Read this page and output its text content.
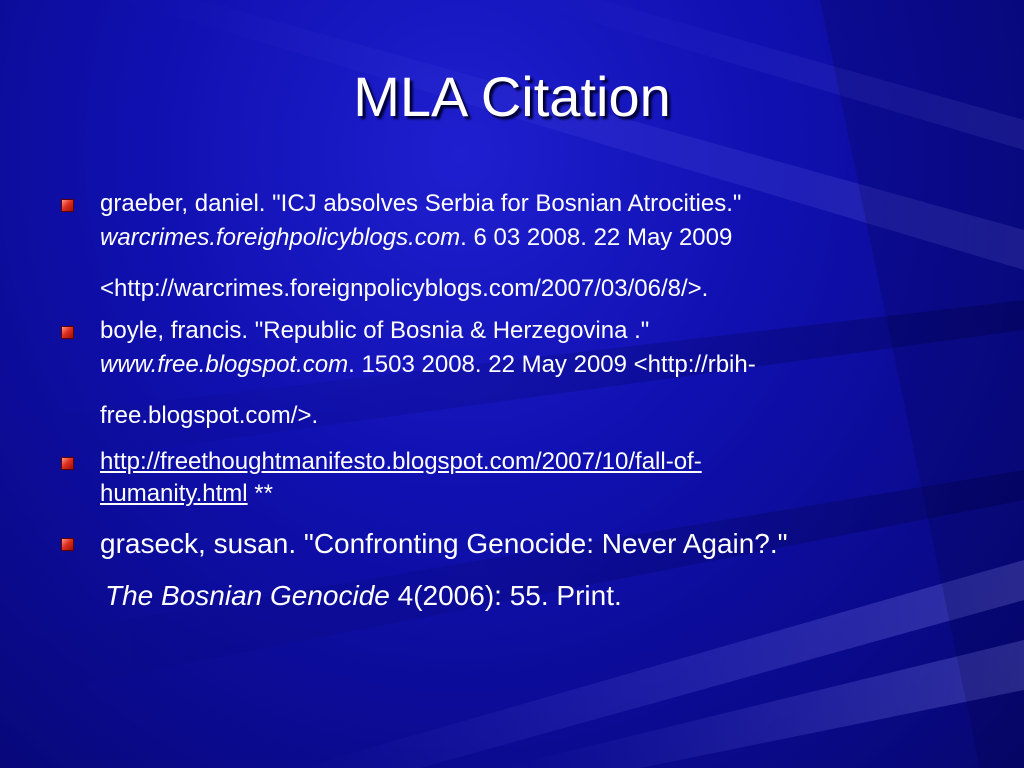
MLA Citation
graeber, daniel. "ICJ absolves Serbia for Bosnian Atrocities."
warcrimes.foreighpolicyblogs.com. 6 03 2008. 22 May 2009
<http://warcrimes.foreignpolicyblogs.com/2007/03/06/8/>.
boyle, francis. "Republic of Bosnia & Herzegovina ."
www.free.blogspot.com. 1503 2008. 22 May 2009 <http://rbih-
free.blogspot.com/>.
http://freethoughtmanifesto.blogspot.com/2007/10/fall-of-
humanity.html **
graseck, susan. "Confronting Genocide: Never Again?."
The Bosnian Genocide 4(2006): 55. Print.
